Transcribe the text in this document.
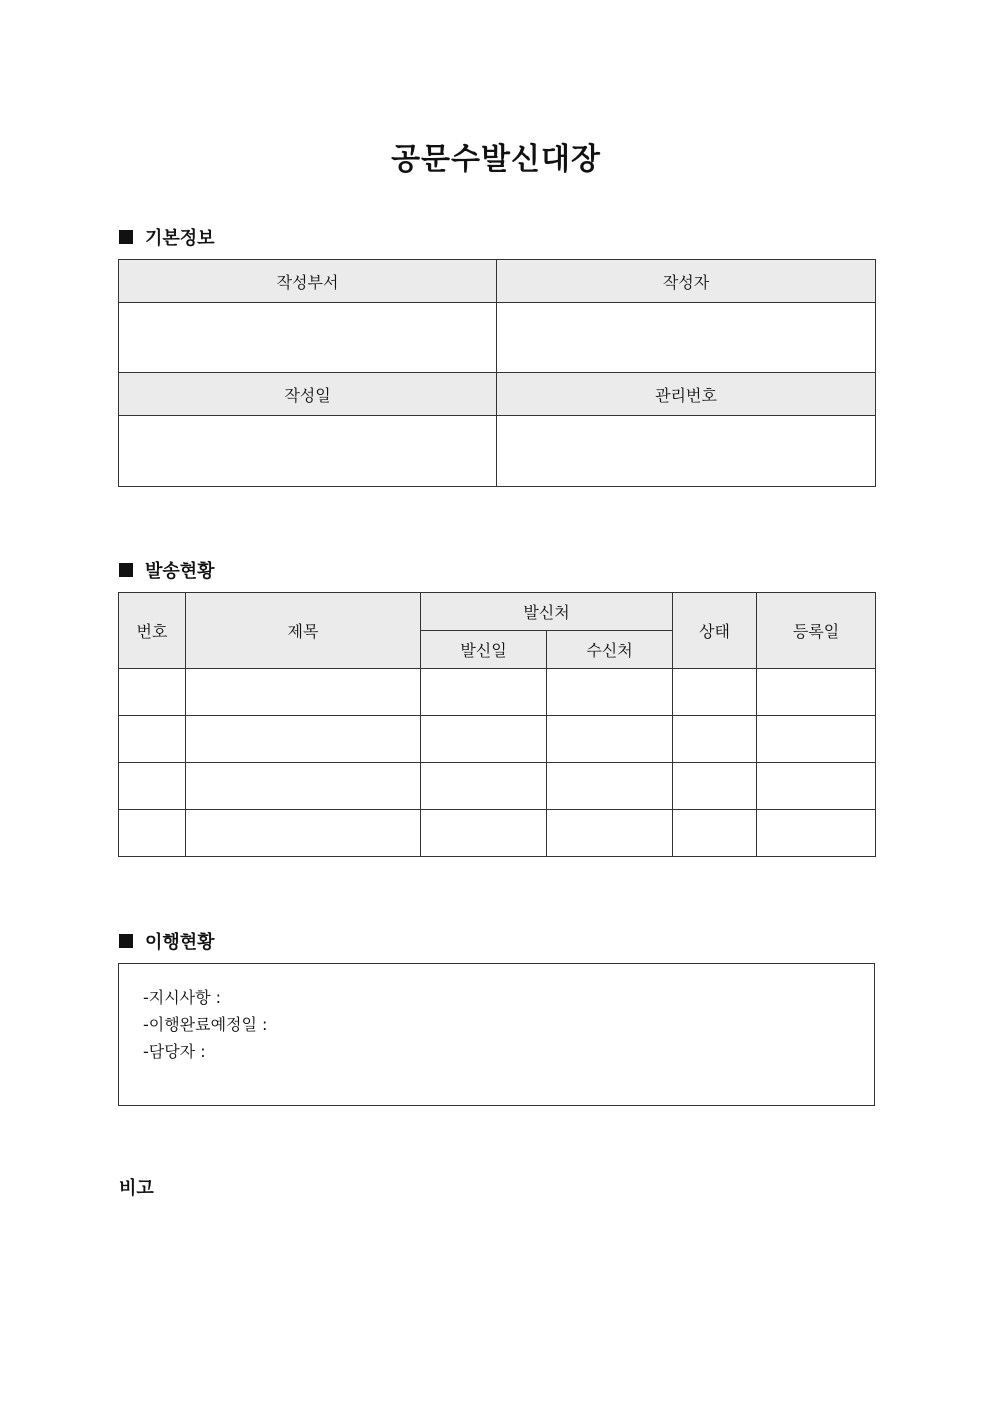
공문수발신대장
기본정보
작성부서	작성자

작성일	관리번호

발송현황
번호	제목	발신처		상태	등록일
		발신일	수신처		

이행현황
-지시사항 :
-이행완료예정일 :
-담당자 :
비고
